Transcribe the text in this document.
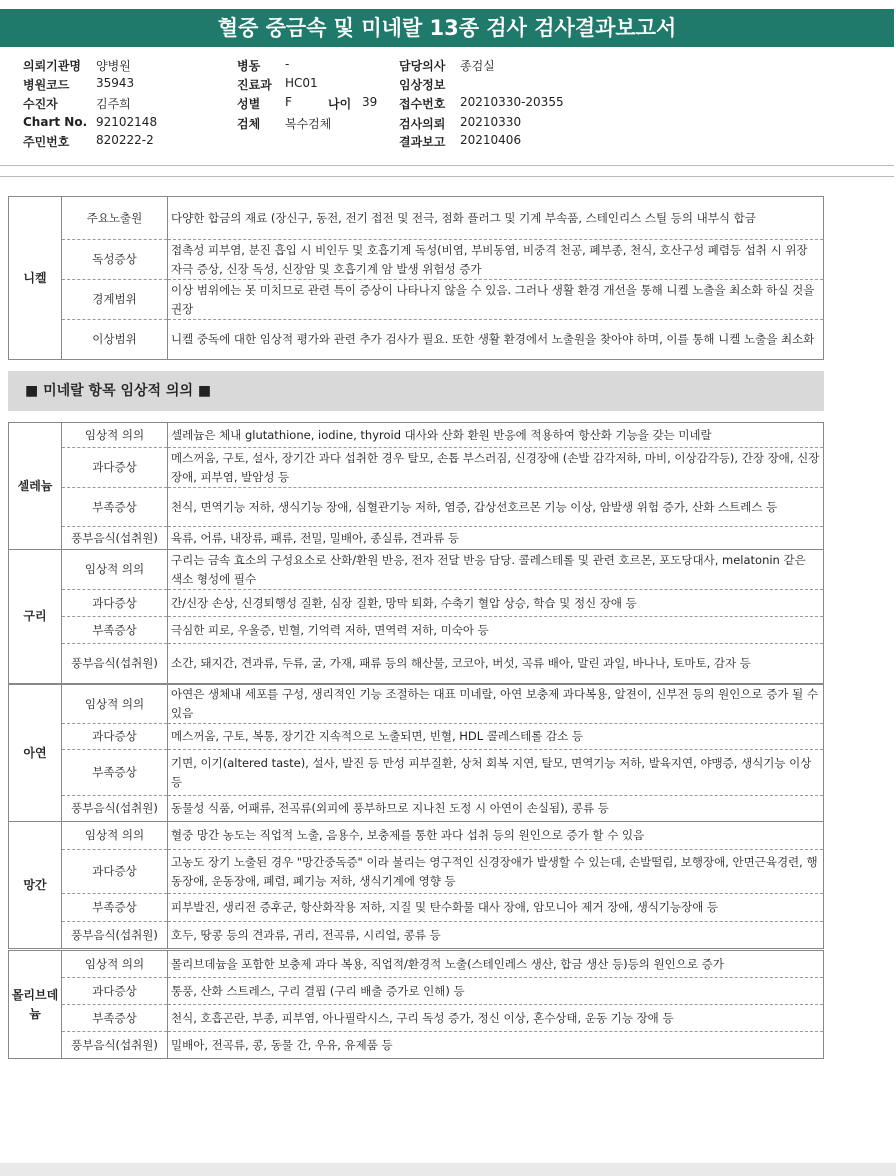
혈중 중금속 및 미네랄 13종 검사 검사결과보고서
의뢰기관명 양병원
병원코드 35943
수진자	김주희
Chart No. 92102148
주민번호 820222-2
병동 -
진료과 HC01
성별 F	나이 39
검체 복수검체
담당의사 종검실
임상정보
접수번호 20210330-20355
검사의뢰 20210330
결과보고 20210406
니켈	주요노출원	다양한 합금의 재료 (장신구, 동전, 전기 접전 및 전극, 점화 플러그 및 기계 부속품, 스테인리스 스틸 등의 내부식 합금
	독성증상	접촉성 피부염, 분진 흡입 시 비인두 및 호흡기계 독성(비염, 부비동염, 비중격 천공, 폐부종, 천식, 호산구성 폐렴등 섭취 시 위장 자극 증상, 신장 독성, 신장암 및 호흡기계 암 발생 위험성 증가
	경계범위	이상 범위에는 못 미치므로 관련 특이 증상이 나타나지 않을 수 있음. 그러나 생활 환경 개선을 통해 니켈 노출을 최소화 하실 것을 권장
	이상범위	니켈 중독에 대한 임상적 평가와 관련 추가 검사가 필요. 또한 생활 환경에서 노출원을 찾아야 하며, 이를 통해 니켈 노출을 최소화
■ 미네랄 항목 임상적 의의 ■
셀레늄	임상적 의의	셀레늄은 체내 glutathione, iodine, thyroid 대사와 산화 환원 반응에 적용하여 항산화 기능을 갖는 미네랄
	과다증상	메스꺼움, 구토, 설사, 장기간 과다 섭취한 경우 탈모, 손톱 부스러짐, 신경장애 (손발 감각저하, 마비, 이상감각등), 간장 장애, 신장 장애, 피부염, 발암성 등
	부족증상	천식, 면역기능 저하, 생식기능 장애, 심혈관기능 저하, 염증, 갑상선호르몬 기능 이상, 암발생 위험 증가, 산화 스트레스 등
	풍부음식(섭취원)	육류, 어류, 내장류, 패류, 전밀, 밀배아, 종실류, 견과류 등
구리	임상적 의의	구리는 금속 효소의 구성요소로 산화/환원 반응, 전자 전달 반응 담당. 콜레스테롤 및 관련 호르몬, 포도당대사, melatonin 같은 색소 형성에 필수
	과다증상	간/신장 손상, 신경퇴행성 질환, 심장 질환, 망막 퇴화, 수축기 혈압 상승, 학습 및 정신 장애 등
	부족증상	극심한 피로, 우울증, 빈혈, 기억력 저하, 면역력 저하, 미숙아 등
	풍부음식(섭취원)	소간, 돼지간, 견과류, 두류, 굴, 가재, 패류 등의 해산물, 코코아, 버섯, 곡류 배아, 말린 과일, 바나나, 토마토, 감자 등
아연	임상적 의의	아연은 생체내 세포를 구성, 생리적인 기능 조절하는 대표 미네랄, 아연 보충제 과다복용, 알젼이, 신부전 등의 원인으로 증가 될 수 있음
	과다증상	메스꺼움, 구토, 복통, 장기간 지속적으로 노출되면, 빈혈, HDL 콜레스테롤 감소 등
	부족증상	기면, 이기(altered taste), 설사, 발진 등 만성 피부질환, 상처 회복 지연, 탈모, 면역기능 저하, 발육지연, 야맹증, 생식기능 이상 등
	풍부음식(섭취원)	동물성 식품, 어패류, 전곡류(외피에 풍부하므로 지나친 도정 시 아연이 손실됨), 콩류 등
망간	임상적 의의	혈중 망간 농도는 직업적 노출, 음용수, 보충제를 통한 과다 섭취 등의 원인으로 증가 할 수 있음
	과다증상	고농도 장기 노출된 경우 "망간중독증" 이라 불리는 영구적인 신경장애가 발생할 수 있는데, 손발떨림, 보행장애, 안면근육경련, 행동장애, 운동장애, 폐렴, 폐기능 저하, 생식기계에 영향 등
	부족증상	피부발진, 생리전 증후군, 항산화작용 저하, 지질 및 탄수화물 대사 장애, 암모니아 제거 장애, 생식기능장애 등
	풍부음식(섭취원)	호두, 땅콩 등의 견과류, 귀리, 전곡류, 시리얼, 콩류 등
몰리브데늄	임상적 의의	몰리브데늄을 포함한 보충제 과다 복용, 직업적/환경적 노출(스테인레스 생산, 합금 생산 등)등의 원인으로 증가
	과다증상	통풍, 산화 스트레스, 구리 결핍 (구리 배출 증가로 인해) 등
	부족증상	천식, 호흡곤란, 부종, 피부염, 아나필락시스, 구리 독성 증가, 정신 이상, 혼수상태, 운동 기능 장애 등
	풍부음식(섭취원)	밀배아, 전곡류, 콩, 동물 간, 우유, 유제품 등
